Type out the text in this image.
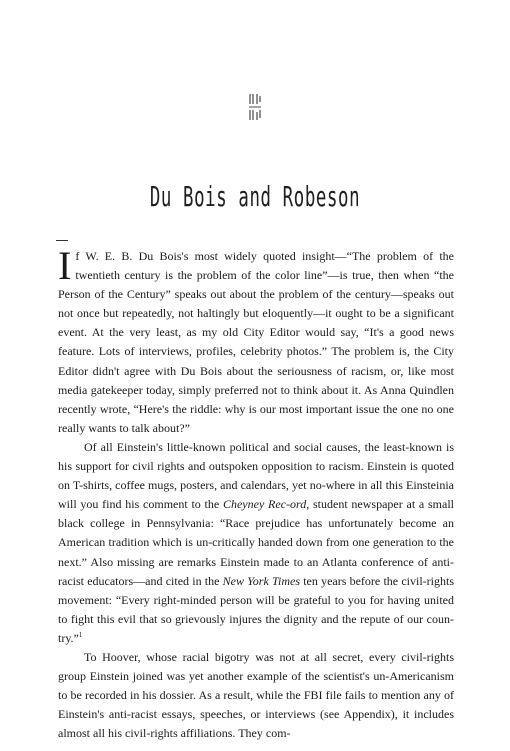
Du Bois and Robeson

If W. E. B. Du Bois's most widely quoted insight—“The problem of the twentieth century is the problem of the color line”—is true, then when “the Person of the Century” speaks out about the problem of the century—speaks out not once but repeatedly, not haltingly but eloquently—it ought to be a significant event. At the very least, as my old City Editor would say, “It's a good news feature. Lots of interviews, profiles, celebrity photos.” The problem is, the City Editor didn't agree with Du Bois about the seriousness of racism, or, like most media gatekeeper today, simply preferred not to think about it. As Anna Quindlen recently wrote, “Here's the riddle: why is our most important issue the one no one really wants to talk about?”

Of all Einstein's little-known political and social causes, the least-known is his support for civil rights and outspoken opposition to racism. Einstein is quoted on T-shirts, coffee mugs, posters, and calendars, yet no-where in all this Einsteinia will you find his comment to the Cheyney Rec-ord, student newspaper at a small black college in Pennsylvania: “Race prejudice has unfortunately become an American tradition which is un-critically handed down from one generation to the next.” Also missing are remarks Einstein made to an Atlanta conference of anti-racist educators—and cited in the New York Times ten years before the civil-rights movement: “Every right-minded person will be grateful to you for having united to fight this evil that so grievously injures the dignity and the repute of our coun-try.”$^1$

To Hoover, whose racial bigotry was not at all secret, every civil-rights group Einstein joined was yet another example of the scientist's un-Americanism to be recorded in his dossier. As a result, while the FBI file fails to mention any of Einstein's anti-racist essays, speeches, or interviews (see Appendix), it includes almost all his civil-rights affiliations. They com-
